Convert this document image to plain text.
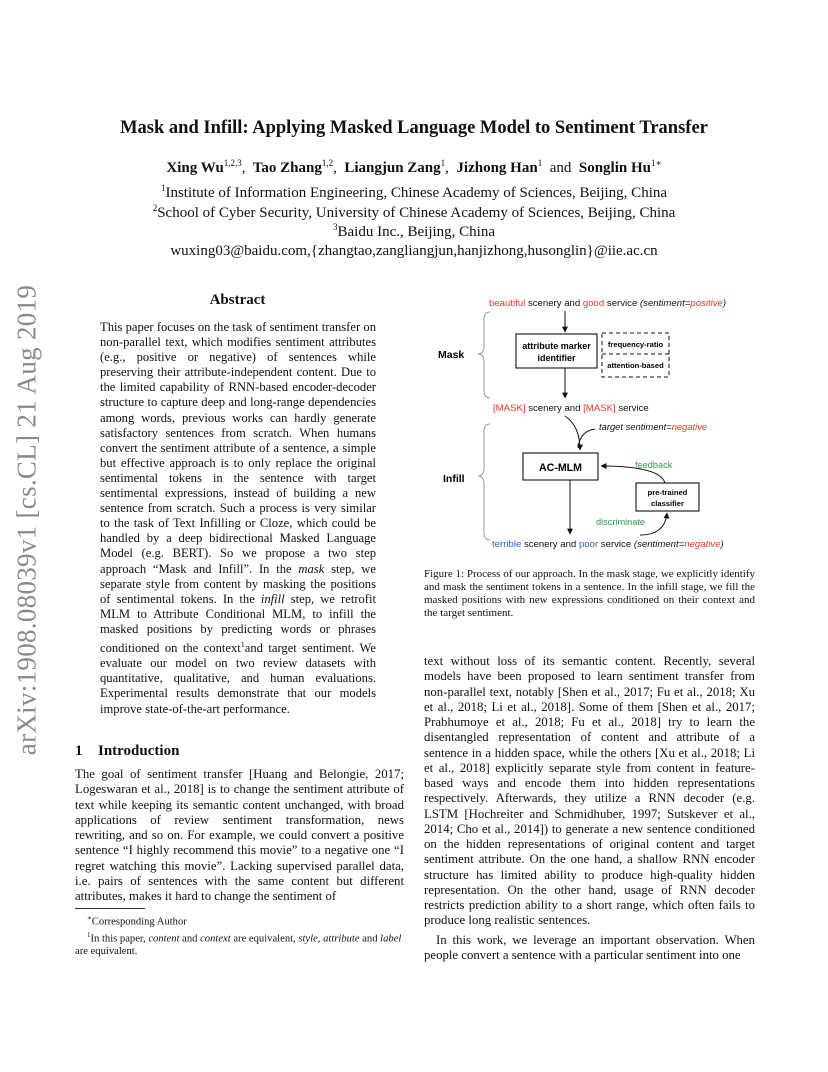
arXiv:1908.08039v1 [cs.CL] 21 Aug 2019
Mask and Infill: Applying Masked Language Model to Sentiment Transfer
Xing Wu$^{1,2,3}$, Tao Zhang$^{1,2}$, Liangjun Zang$^1$, Jizhong Han$^1$ and Songlin $Hu^{1∗}$
$^1$Institute of Information Engineering, Chinese Academy of Sciences, Beijing, China
$^2$School of Cyber Security, University of Chinese Academy of Sciences, Beijing, China
$^3$Baidu Inc., Beijing, China
wuxing03@baidu.com,{zhangtao,zangliangjun,hanjizhong,husonglin}@iie.ac.cn
Abstract
This paper focuses on the task of sentiment transfer on non-parallel text, which modifies sentiment attributes (e.g., positive or negative) of sentences while preserving their attribute-independent content. Due to the limited capability of RNN-based encoder-decoder structure to capture deep and long-range dependencies among words, previous works can hardly generate satisfactory sentences from scratch. When humans convert the sentiment attribute of a sentence, a simple but effective approach is to only replace the original sentimental tokens in the sentence with target sentimental expressions, instead of building a new sentence from scratch. Such a process is very similar to the task of Text Infilling or Cloze, which could be handled by a deep bidirectional Masked Language Model (e.g. BERT). So we propose a two step approach “Mask and Infill”. In the mask step, we separate style from content by masking the positions of sentimental tokens. In the infill step, we retrofit MLM to Attribute Conditional MLM, to infill the masked positions by predicting words or phrases conditioned on the context$^1$and target sentiment. We evaluate our model on two review datasets with quantitative, qualitative, and human evaluations. Experimental results demonstrate that our models improve state-of-the-art performance.
1 Introduction
The goal of sentiment transfer [Huang and Belongie, 2017; Logeswaran et al., 2018] is to change the sentiment attribute of text while keeping its semantic content unchanged, with broad applications of review sentiment transformation, news rewriting, and so on. For example, we could convert a positive sentence “I highly recommend this movie” to a negative one “I regret watching this movie”. Lacking supervised parallel data, i.e. pairs of sentences with the same content but different attributes, makes it hard to change the sentiment of

∗Corresponding Author

$^1$In this paper, content and context are equivalent, style, attribute and label are equivalent.

beautiful scenery and good service (sentiment=positive)
Mask
attribute marker
identifier
frequency-ratio
attention-based
[MASK] scenery and [MASK] service
Infill
target sentiment=negative
AC-MLM	feedback
pre-trained
classifier
discriminate
terrible scenery and poor service (sentiment=negative)
Figure 1: Process of our approach. In the mask stage, we explicitly identify and mask the sentiment tokens in a sentence. In the infill stage, we fill the masked positions with new expressions conditioned on their context and the target sentiment.

text without loss of its semantic content. Recently, several models have been proposed to learn sentiment transfer from non-parallel text, notably [Shen et al., 2017; Fu et al., 2018; Xu et al., 2018; Li et al., 2018]. Some of them [Shen et al., 2017; Prabhumoye et al., 2018; Fu et al., 2018] try to learn the disentangled representation of content and attribute of a sentence in a hidden space, while the others [Xu et al., 2018; Li et al., 2018] explicitly separate style from content in feature-based ways and encode them into hidden representations respectively. Afterwards, they utilize a RNN decoder (e.g. LSTM [Hochreiter and Schmidhuber, 1997; Sutskever et al., 2014; Cho et al., 2014]) to generate a new sentence conditioned on the hidden representations of original content and target sentiment attribute. On the one hand, a shallow RNN encoder structure has limited ability to produce high-quality hidden representation. On the other hand, usage of RNN decoder restricts prediction ability to a short range, which often fails to produce long realistic sentences.

In this work, we leverage an important observation. When people convert a sentence with a particular sentiment into one
